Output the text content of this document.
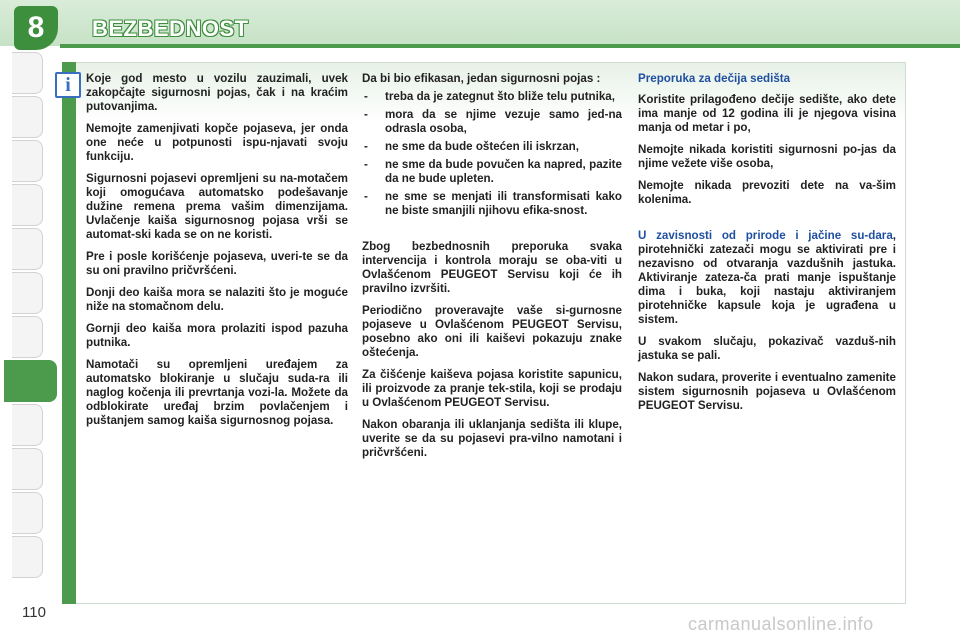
8	BEZBEDNOST
i	Koje god mesto u vozilu zauzimali, uvek zakopčajte sigurnosni pojas, čak i na kraćim putovanjima.

Nemojte zamenjivati kopče pojaseva, jer onda one neće u potpunosti ispu-njavati svoju funkciju.

Sigurnosni pojasevi opremljeni su na-motačem koji omogućava automatsko podešavanje dužine remena prema vašim dimenzijama. Uvlačenje kaiša sigurnosnog pojasa vrši se automat-ski kada se on ne koristi.

Pre i posle korišćenje pojaseva, uveri-te se da su oni pravilno pričvršćeni.

Donji deo kaiša mora se nalaziti što je moguće niže na stomačnom delu.

Gornji deo kaiša mora prolaziti ispod pazuha putnika.

Namotači su opremljeni uređajem za automatsko blokiranje u slučaju suda-ra ili naglog kočenja ili prevrtanja vozi-la. Možete da odblokirate uređaj brzim povlačenjem i puštanjem samog kaiša sigurnosnog pojasa.

Da bi bio efikasan, jedan sigurnosni pojas :

- treba da je zategnut što bliže telu putnika,
- mora da se njime vezuje samo jed-na odrasla osoba,
- ne sme da bude oštećen ili iskrzan,
- ne sme da bude povučen ka napred, pazite da ne bude upleten.
- ne sme se menjati ili transformisati kako ne biste smanjili njihovu efika-snost.

Zbog bezbednosnih preporuka svaka intervencija i kontrola moraju se oba-viti u Ovlašćenom PEUGEOT Servisu koji će ih pravilno izvršiti.

Periodično proveravajte vaše si-gurnosne pojaseve u Ovlašćenom PEUGEOT Servisu, posebno ako oni ili kaiševi pokazuju znake oštećenja.

Za čišćenje kaiševa pojasa koristite sapunicu, ili proizvode za pranje tek-stila, koji se prodaju u Ovlašćenom PEUGEOT Servisu.

Nakon obaranja ili uklanjanja sedišta ili klupe, uverite se da su pojasevi pra-vilno namotani i pričvršćeni.

Preporuka za dečija sedišta

Koristite prilagođeno dečije sedište, ako dete ima manje od 12 godina ili je njegova visina manja od metar i po,

Nemojte nikada koristiti sigurnosni po-jas da njime vežete više osoba,

Nemojte nikada prevoziti dete na va-šim kolenima.

U zavisnosti od prirode i jačine su-dara, pirotehnički zatezači mogu se aktivirati pre i nezavisno od otvaranja vazdušnih jastuka. Aktiviranje zateza-ča prati manje ispuštanje dima i buka, koji nastaju aktiviranjem pirotehničke kapsule koja je ugrađena u sistem.

U svakom slučaju, pokazivač vazduš-nih jastuka se pali.

Nakon sudara, proverite i eventualno zamenite sistem sigurnosnih pojaseva u Ovlašćenom PEUGEOT Servisu.

110
carmanualsonline.info
